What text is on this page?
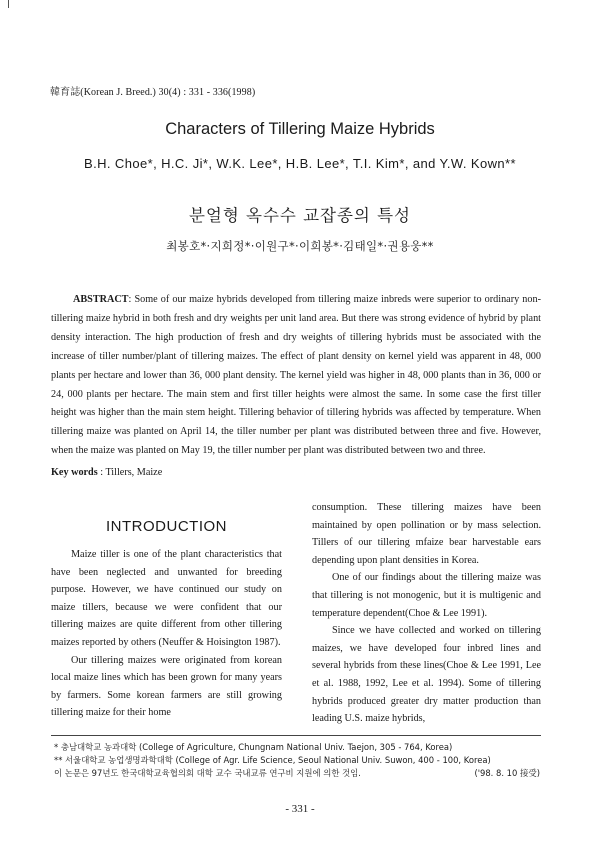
韓育誌(Korean J. Breed.) 30(4) : 331 - 336(1998)
Characters of Tillering Maize Hybrids
B.H. Choe*, H.C. Ji*, W.K. Lee*, H.B. Lee*, T.I. Kim*, and Y.W. Kown**
분얼형 옥수수 교잡종의 특성
최봉호*·지희정*·이원구*·이희봉*·김태일*·권용웅**
ABSTRACT: Some of our maize hybrids developed from tillering maize inbreds were superior to ordinary non-tillering maize hybrid in both fresh and dry weights per unit land area. But there was strong evidence of hybrid by plant density interaction. The high production of fresh and dry weights of tillering hybrids must be associated with the increase of tiller number/plant of tillering maizes. The effect of plant density on kernel yield was apparent in 48, 000 plants per hectare and lower than 36, 000 plant density. The kernel yield was higher in 48, 000 plants than in 36, 000 or 24, 000 plants per hectare. The main stem and first tiller heights were almost the same. In some case the first tiller height was higher than the main stem height. Tillering behavior of tillering hybrids was affected by temperature. When tillering maize was planted on April 14, the tiller number per plant was distributed between three and five. However, when the maize was planted on May 19, the tiller number per plant was distributed between two and three.
Key words : Tillers, Maize
INTRODUCTION

Maize tiller is one of the plant characteristics that have been neglected and unwanted for breeding purpose. However, we have continued our study on maize tillers, because we were confident that our tillering maizes are quite different from other tillering maizes reported by others (Neuffer & Hoisington 1987).

Our tillering maizes were originated from korean local maize lines which has been grown for many years by farmers. Some korean farmers are still growing tillering maize for their home

consumption. These tillering maizes have been maintained by open pollination or by mass selection. Tillers of our tillering mfaize bear harvestable ears depending upon plant densities in Korea.

One of our findings about the tillering maize was that tillering is not monogenic, but it is multigenic and temperature dependent(Choe & Lee 1991).

Since we have collected and worked on tillering maizes, we have developed four inbred lines and several hybrids from these lines(Choe & Lee 1991, Lee et al. 1988, 1992, Lee et al. 1994). Some of tillering hybrids produced greater dry matter production than leading U.S. maize hybrids,

* 충남대학교 농과대학 (College of Agriculture, Chungnam National Univ. Taejon, 305 - 764, Korea)
** 서울대학교 농업생명과학대학 (College of Agr. Life Science, Seoul National Univ. Suwon, 400 - 100, Korea)
이 논문은 97년도 한국대학교육협의회 대학 교수 국내교류 연구비 지원에 의한 것임.	('98. 8. 10 接受)
- 331 -
